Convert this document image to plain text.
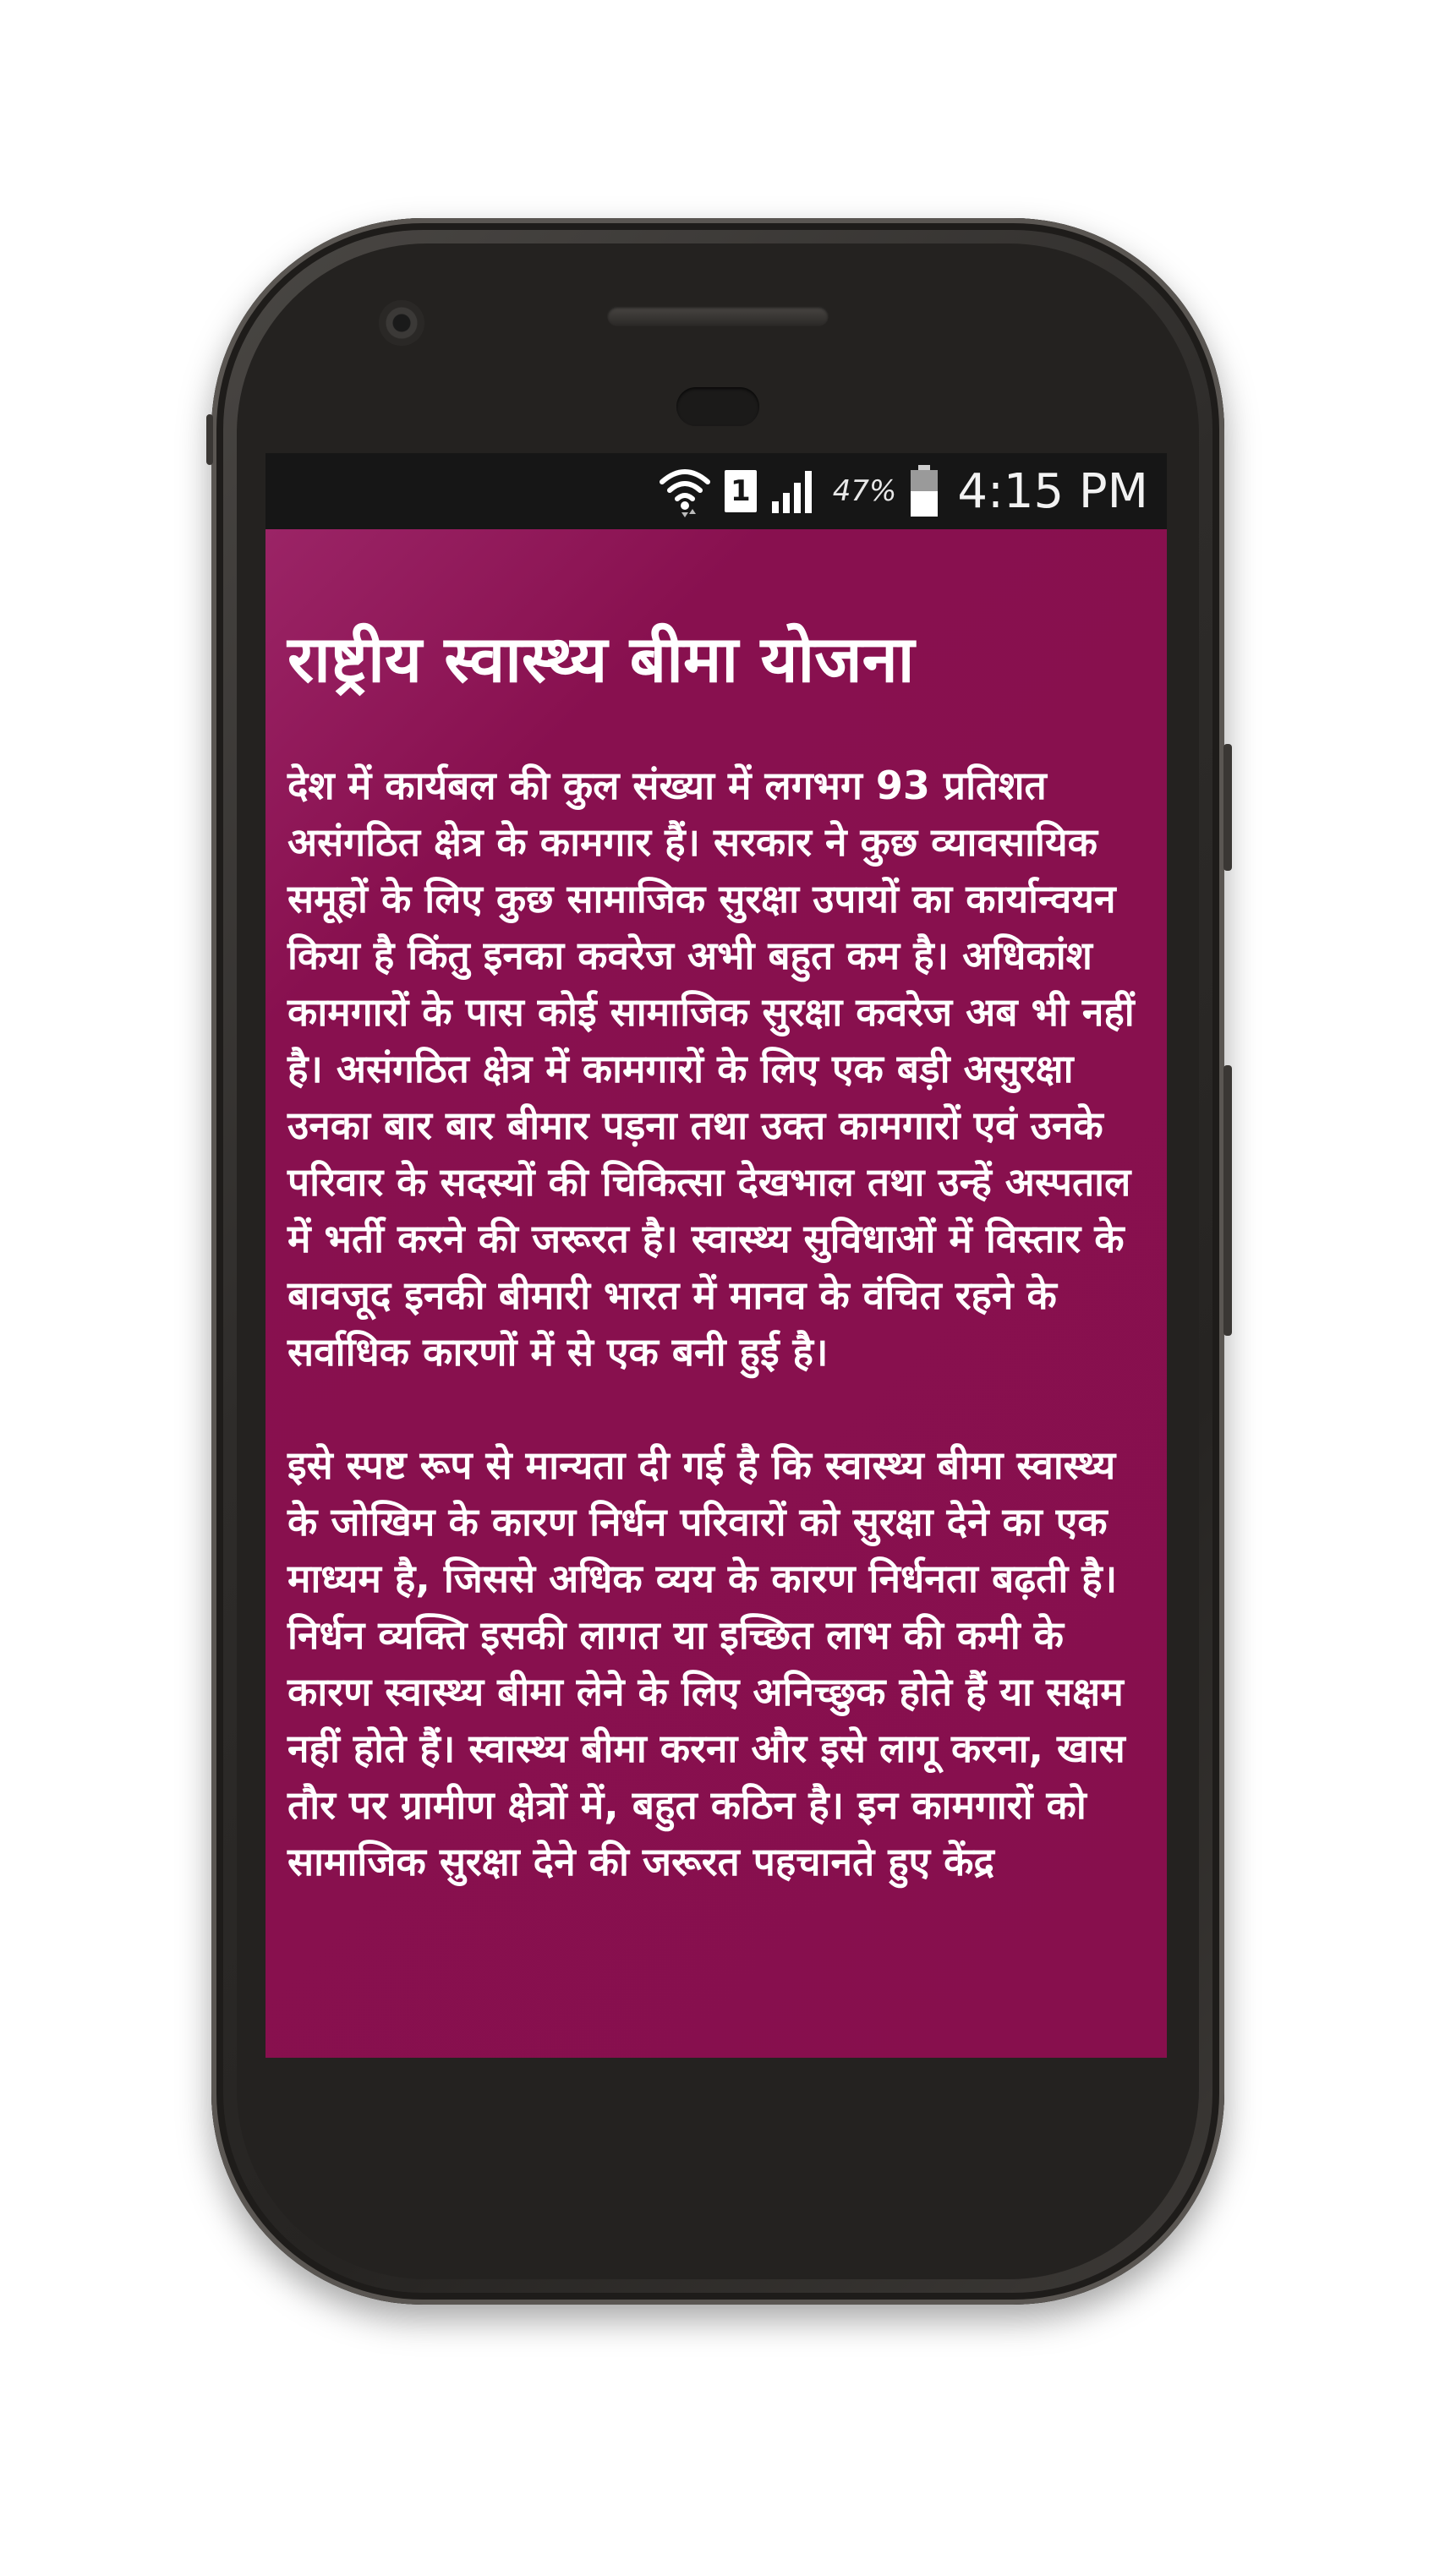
1	47% 4:15 PM
राष्ट्रीय स्वास्थ्य बीमा योजना

देश में कार्यबल की कुल संख्या में लगभग 93 प्रतिशत असंगठित क्षेत्र के कामगार हैं। सरकार ने कुछ व्यावसायिक समूहों के लिए कुछ सामाजिक सुरक्षा उपायों का कार्यान्वयन किया है किंतु इनका कवरेज अभी बहुत कम है। अधिकांश कामगारों के पास कोई सामाजिक सुरक्षा कवरेज अब भी नहीं है। असंगठित क्षेत्र में कामगारों के लिए एक बड़ी असुरक्षा उनका बार बार बीमार पड़ना तथा उक्त कामगारों एवं उनके परिवार के सदस्यों की चिकित्सा देखभाल तथा उन्हें अस्पताल में भर्ती करने की जरूरत है। स्वास्थ्य सुविधाओं में विस्तार के बावजूद इनकी बीमारी भारत में मानव के वंचित रहने के सर्वाधिक कारणों में से एक बनी हुई है।

इसे स्पष्ट रूप से मान्यता दी गई है कि स्वास्थ्य बीमा स्वास्थ्य के जोखिम के कारण निर्धन परिवारों को सुरक्षा देने का एक माध्यम है, जिससे अधिक व्यय के कारण निर्धनता बढ़ती है। निर्धन व्यक्ति इसकी लागत या इच्छित लाभ की कमी के कारण स्वास्थ्य बीमा लेने के लिए अनिच्छुक होते हैं या सक्षम नहीं होते हैं। स्वास्थ्य बीमा करना और इसे लागू करना, खास तौर पर ग्रामीण क्षेत्रों में, बहुत कठिन है। इन कामगारों को सामाजिक सुरक्षा देने की जरूरत पहचानते हुए केंद्र
